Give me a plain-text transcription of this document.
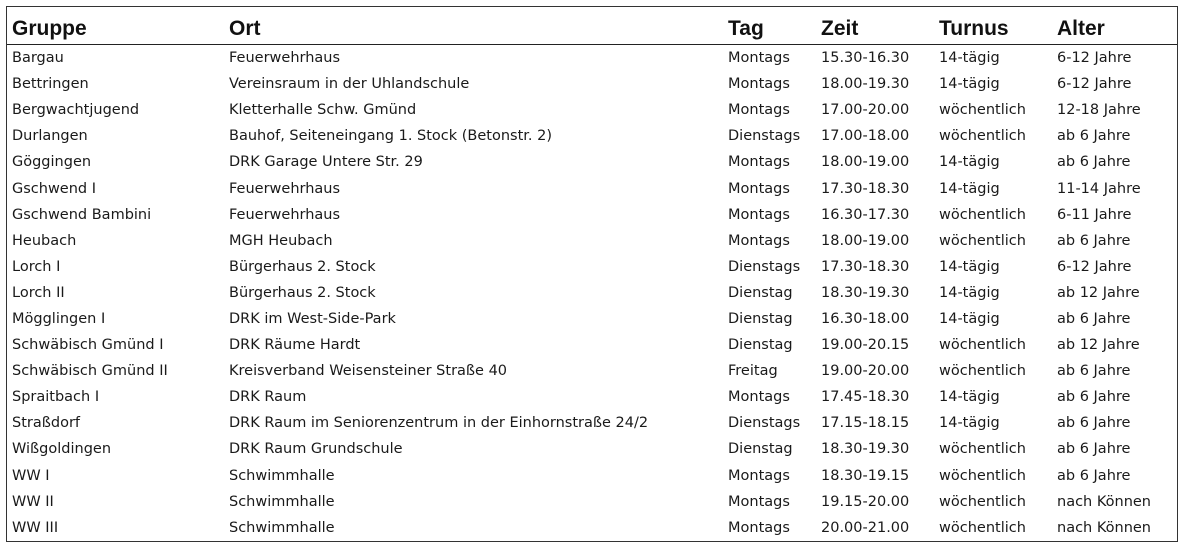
Gruppe	Ort	Tag	Zeit	Turnus	Alter
Bargau	Feuerwehrhaus	Montags	15.30-16.30	14-tägig	6-12 Jahre
Bettringen	Vereinsraum in der Uhlandschule	Montags	18.00-19.30	14-tägig	6-12 Jahre
Bergwachtjugend	Kletterhalle Schw. Gmünd	Montags	17.00-20.00	wöchentlich	12-18 Jahre
Durlangen	Bauhof, Seiteneingang 1. Stock (Betonstr. 2)	Dienstags	17.00-18.00	wöchentlich	ab 6 Jahre
Göggingen	DRK Garage Untere Str. 29	Montags	18.00-19.00	14-tägig	ab 6 Jahre
Gschwend I	Feuerwehrhaus	Montags	17.30-18.30	14-tägig	11-14 Jahre
Gschwend Bambini	Feuerwehrhaus	Montags	16.30-17.30	wöchentlich	6-11 Jahre
Heubach	MGH Heubach	Montags	18.00-19.00	wöchentlich	ab 6 Jahre
Lorch I	Bürgerhaus 2. Stock	Dienstags	17.30-18.30	14-tägig	6-12 Jahre
Lorch II	Bürgerhaus 2. Stock	Dienstag	18.30-19.30	14-tägig	ab 12 Jahre
Mögglingen I	DRK im West-Side-Park	Dienstag	16.30-18.00	14-tägig	ab 6 Jahre
Schwäbisch Gmünd I	DRK Räume Hardt	Dienstag	19.00-20.15	wöchentlich	ab 12 Jahre
Schwäbisch Gmünd II	Kreisverband Weisensteiner Straße 40	Freitag	19.00-20.00	wöchentlich	ab 6 Jahre
Spraitbach I	DRK Raum	Montags	17.45-18.30	14-tägig	ab 6 Jahre
Straßdorf	DRK Raum im Seniorenzentrum in der Einhornstraße 24/2	Dienstags	17.15-18.15	14-tägig	ab 6 Jahre
Wißgoldingen	DRK Raum Grundschule	Dienstag	18.30-19.30	wöchentlich	ab 6 Jahre
WW I	Schwimmhalle	Montags	18.30-19.15	wöchentlich	ab 6 Jahre
WW II	Schwimmhalle	Montags	19.15-20.00	wöchentlich	nach Können
WW III	Schwimmhalle	Montags	20.00-21.00	wöchentlich	nach Können
